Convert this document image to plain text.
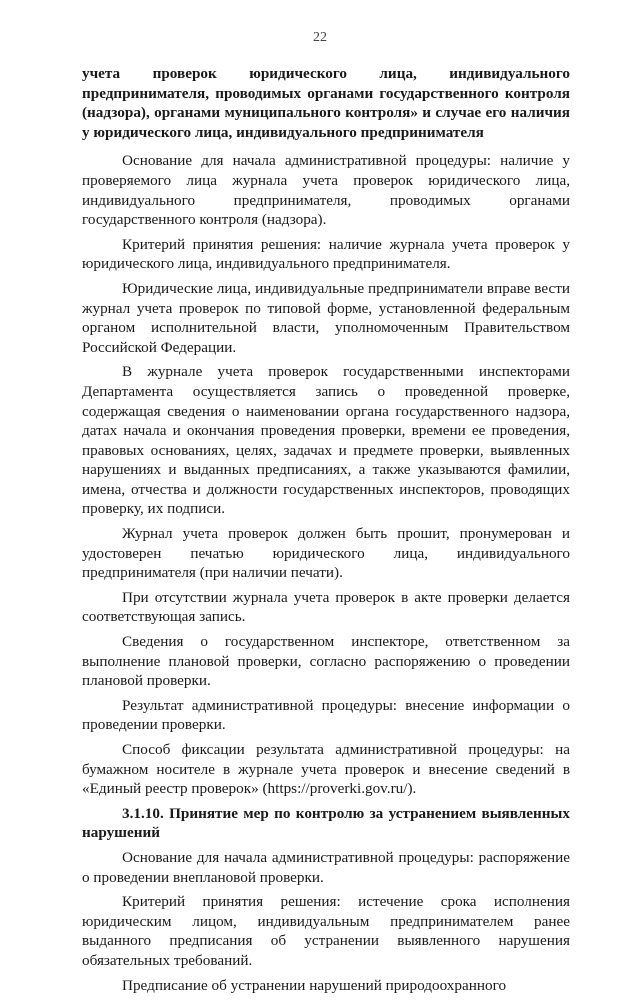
22

учета проверок юридического лица, индивидуального предпринимателя, проводимых органами государственного контроля (надзора), органами муниципального контроля» и случае его наличия у юридического лица, индивидуального предпринимателя

Основание для начала административной процедуры: наличие у проверяемого лица журнала учета проверок юридического лица, индивидуального предпринимателя, проводимых органами государственного контроля (надзора).

Критерий принятия решения: наличие журнала учета проверок у юридического лица, индивидуального предпринимателя.

Юридические лица, индивидуальные предприниматели вправе вести журнал учета проверок по типовой форме, установленной федеральным органом исполнительной власти, уполномоченным Правительством Российской Федерации.

В журнале учета проверок государственными инспекторами Департамента осуществляется запись о проведенной проверке, содержащая сведения о наименовании органа государственного надзора, датах начала и окончания проведения проверки, времени ее проведения, правовых основаниях, целях, задачах и предмете проверки, выявленных нарушениях и выданных предписаниях, а также указываются фамилии, имена, отчества и должности государственных инспекторов, проводящих проверку, их подписи.

Журнал учета проверок должен быть прошит, пронумерован и удостоверен печатью юридического лица, индивидуального предпринимателя (при наличии печати).

При отсутствии журнала учета проверок в акте проверки делается соответствующая запись.

Сведения о государственном инспекторе, ответственном за выполнение плановой проверки, согласно распоряжению о проведении плановой проверки.

Результат административной процедуры: внесение информации о проведении проверки.

Способ фиксации результата административной процедуры: на бумажном носителе в журнале учета проверок и внесение сведений в «Единый реестр проверок» (https://proverki.gov.ru/).

3.1.10. Принятие мер по контролю за устранением выявленных нарушений

Основание для начала административной процедуры: распоряжение о проведении внеплановой проверки.

Критерий принятия решения: истечение срока исполнения юридическим лицом, индивидуальным предпринимателем ранее выданного предписания об устранении выявленного нарушения обязательных требований.

Предписание об устранении нарушений природоохранного
